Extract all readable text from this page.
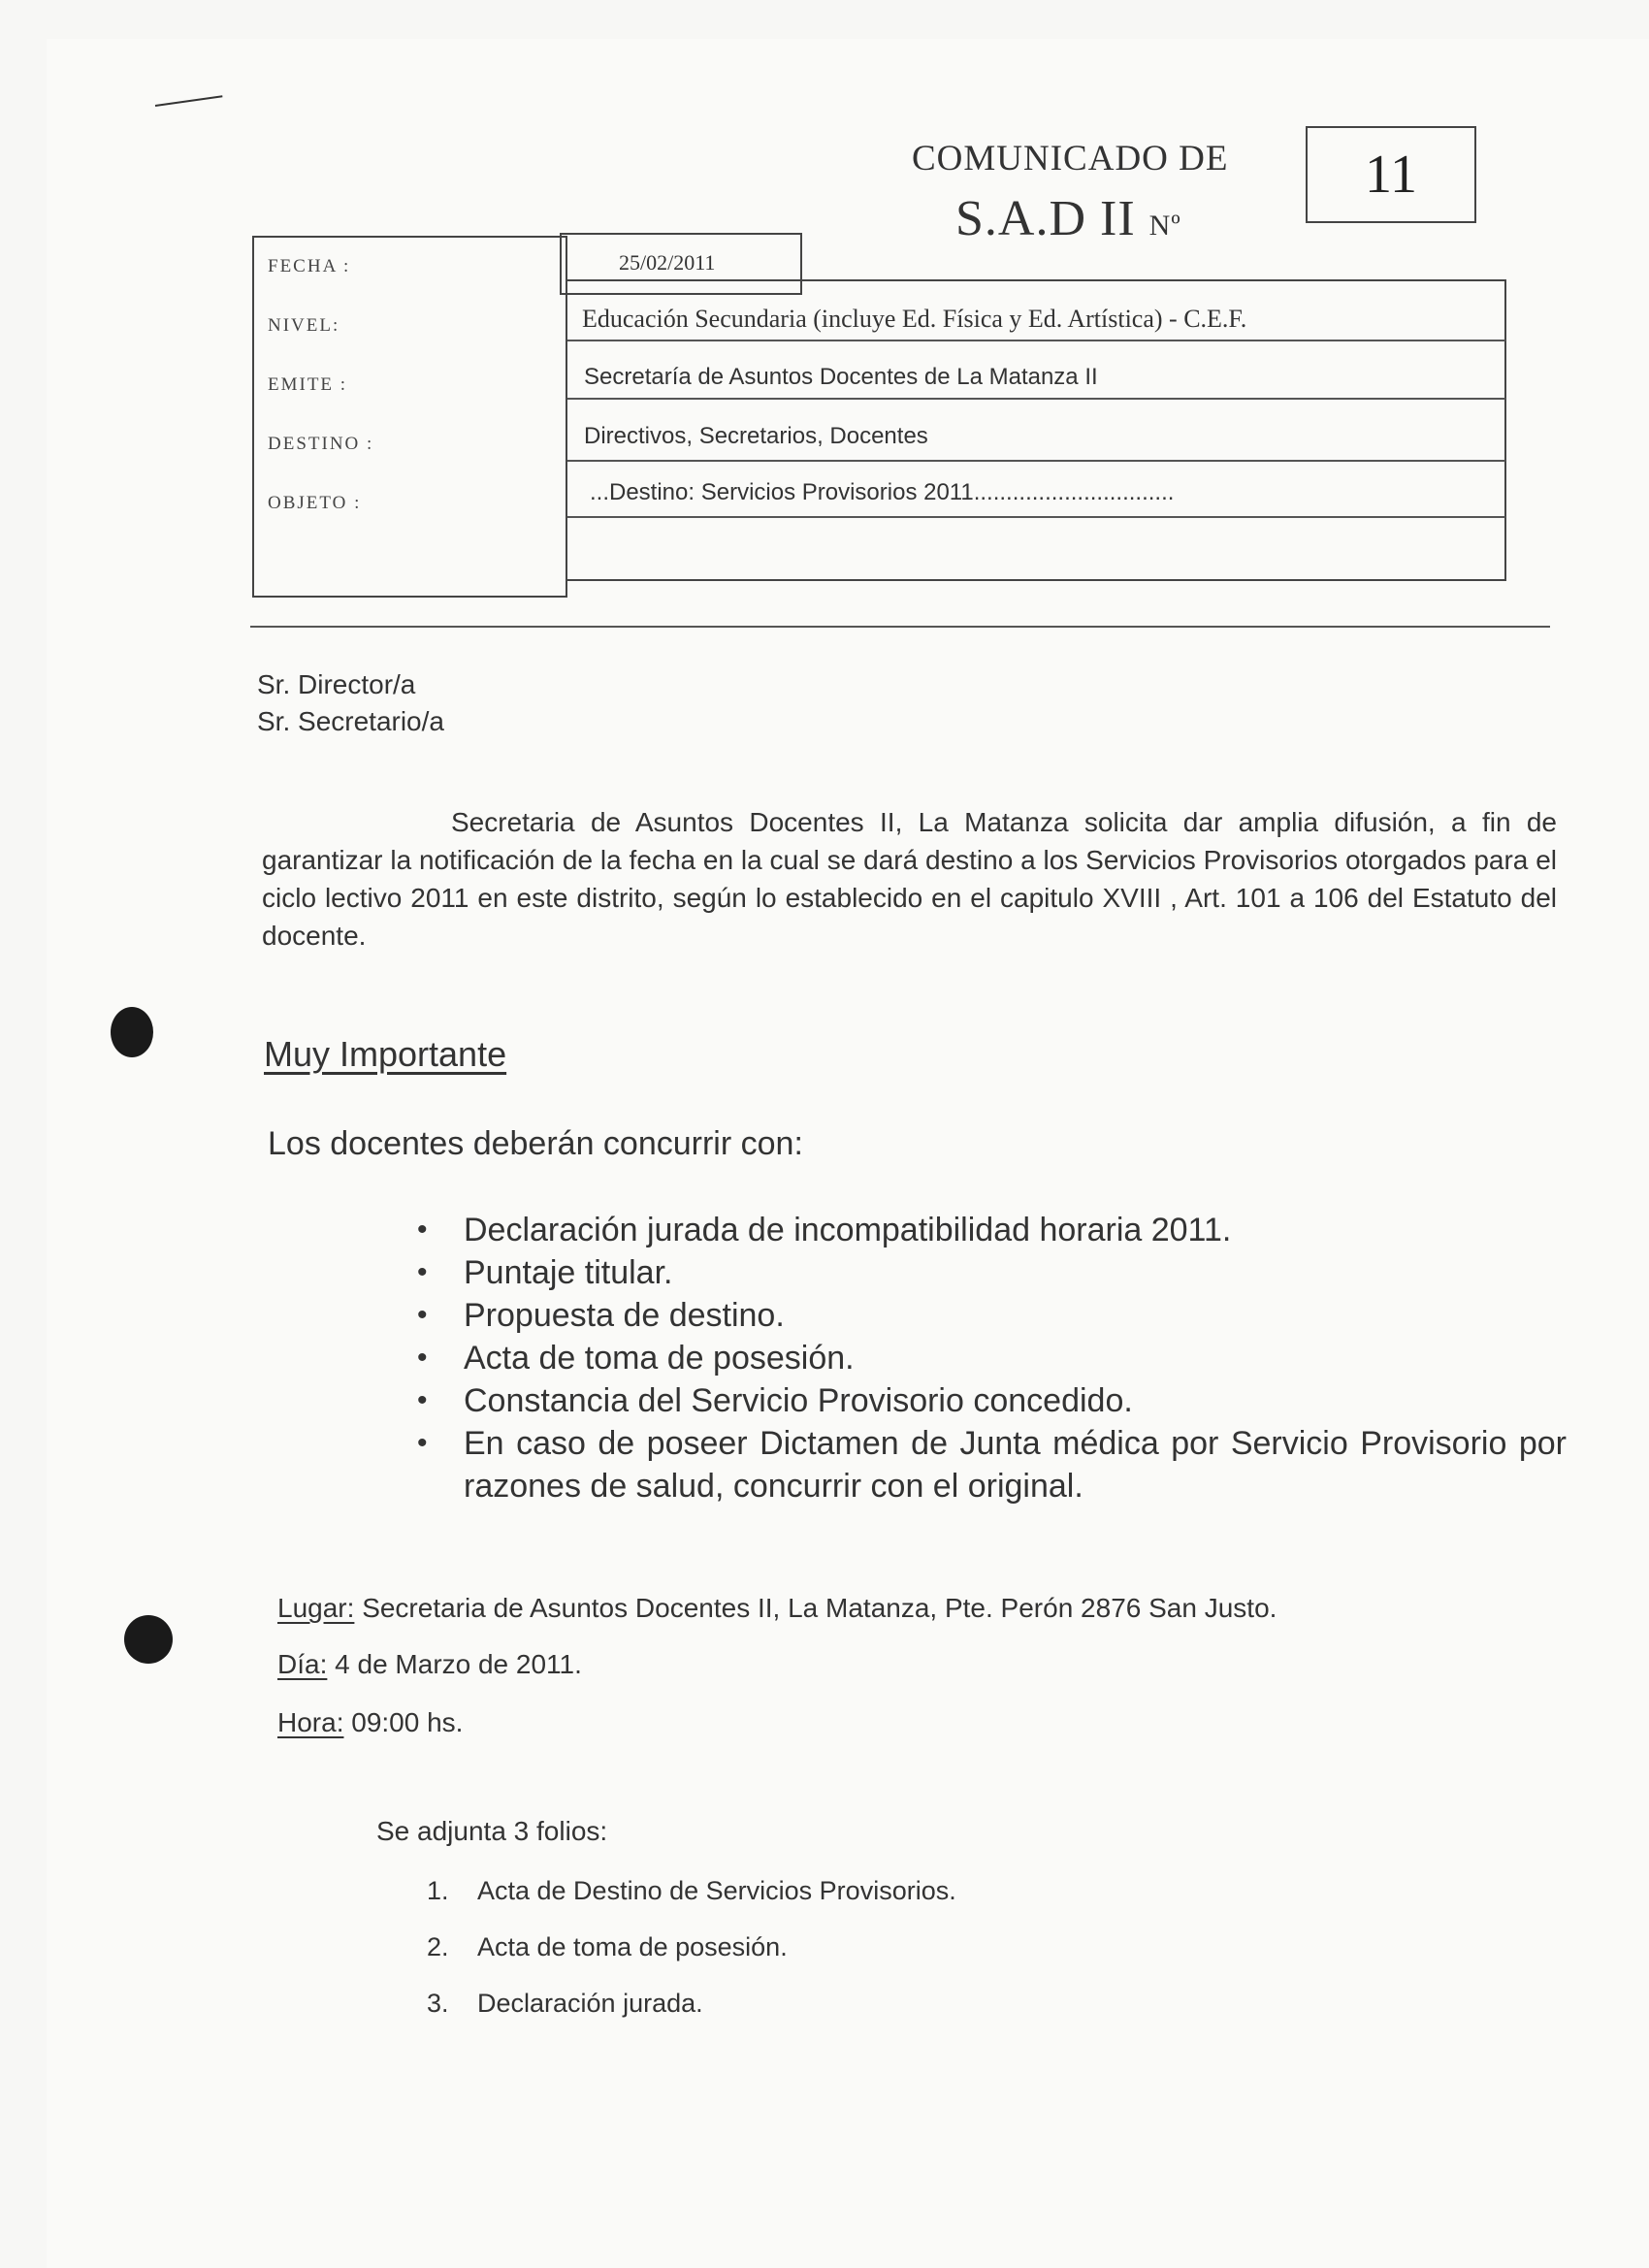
COMUNICADO DE
S.A.D II Nº
11
FECHA :
NIVEL:
EMITE :
DESTINO :
OBJETO :
25/02/2011
Educación Secundaria (incluye Ed. Física y Ed. Artística) - C.E.F.
Secretaría de Asuntos Docentes de La Matanza II
Directivos, Secretarios, Docentes
...Destino: Servicios Provisorios 2011...............................
Sr. Director/a
Sr. Secretario/a
Secretaria de Asuntos Docentes II, La Matanza solicita dar amplia difusión, a fin de garantizar la notificación de la fecha en la cual se dará destino a los Servicios Provisorios otorgados para el ciclo lectivo 2011 en este distrito, según lo establecido en el capitulo XVIII , Art. 101 a 106 del Estatuto del docente.
Muy Importante
Los docentes deberán concurrir con:
• Declaración jurada de incompatibilidad horaria 2011.
• Puntaje titular.
• Propuesta de destino.
• Acta de toma de posesión.
• Constancia del Servicio Provisorio concedido.
• En caso de poseer Dictamen de Junta médica por Servicio Provisorio por razones de salud, concurrir con el original.
Lugar: Secretaria de Asuntos Docentes II, La Matanza, Pte. Perón 2876 San Justo.
Día: 4 de Marzo de 2011.
Hora: 09:00 hs.
Se adjunta 3 folios:
1. Acta de Destino de Servicios Provisorios.
2. Acta de toma de posesión.
3. Declaración jurada.
